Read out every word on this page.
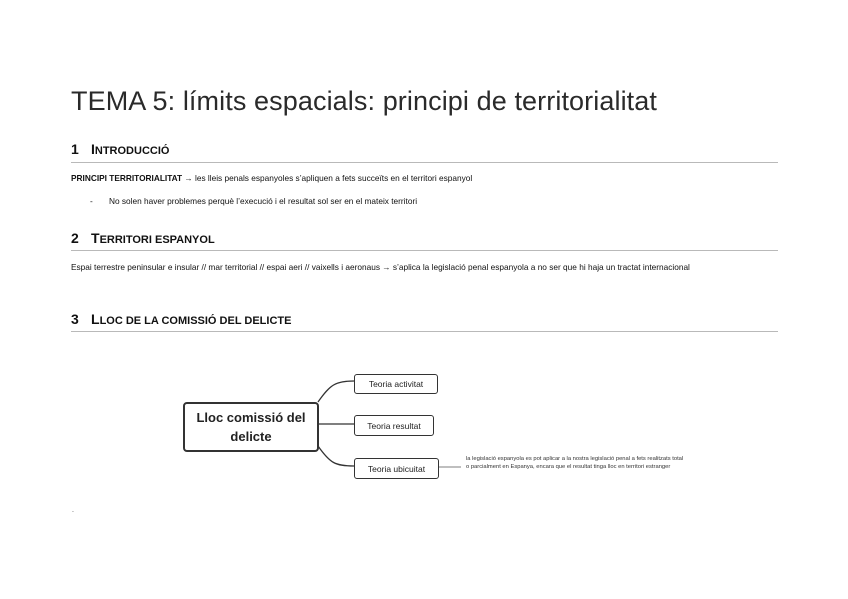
TEMA 5: límits espacials: principi de territorialitat
1 INTRODUCCIÓ
PRINCIPI TERRITORIALITAT → les lleis penals espanyoles s’apliquen a fets succeïts en el territori espanyol
- No solen haver problemes perquè l’execució i el resultat sol ser en el mateix territori
2 TERRITORI ESPANYOL
Espai terrestre peninsular e insular // mar territorial // espai aeri // vaixells i aeronaus → s’aplica la legislació penal espanyola a no ser que hi haja un tractat internacional
3 LLOC DE LA COMISSIÓ DEL DELICTE
Lloc comissió del delicte
Teoria activitat
Teoria resultat
Teoria ubicuitat
la legislació espanyola es pot aplicar a la nostra legislació penal a fets realitzats total o parcialment en Espanya, encara que el resultat tinga lloc en territori estranger
.
